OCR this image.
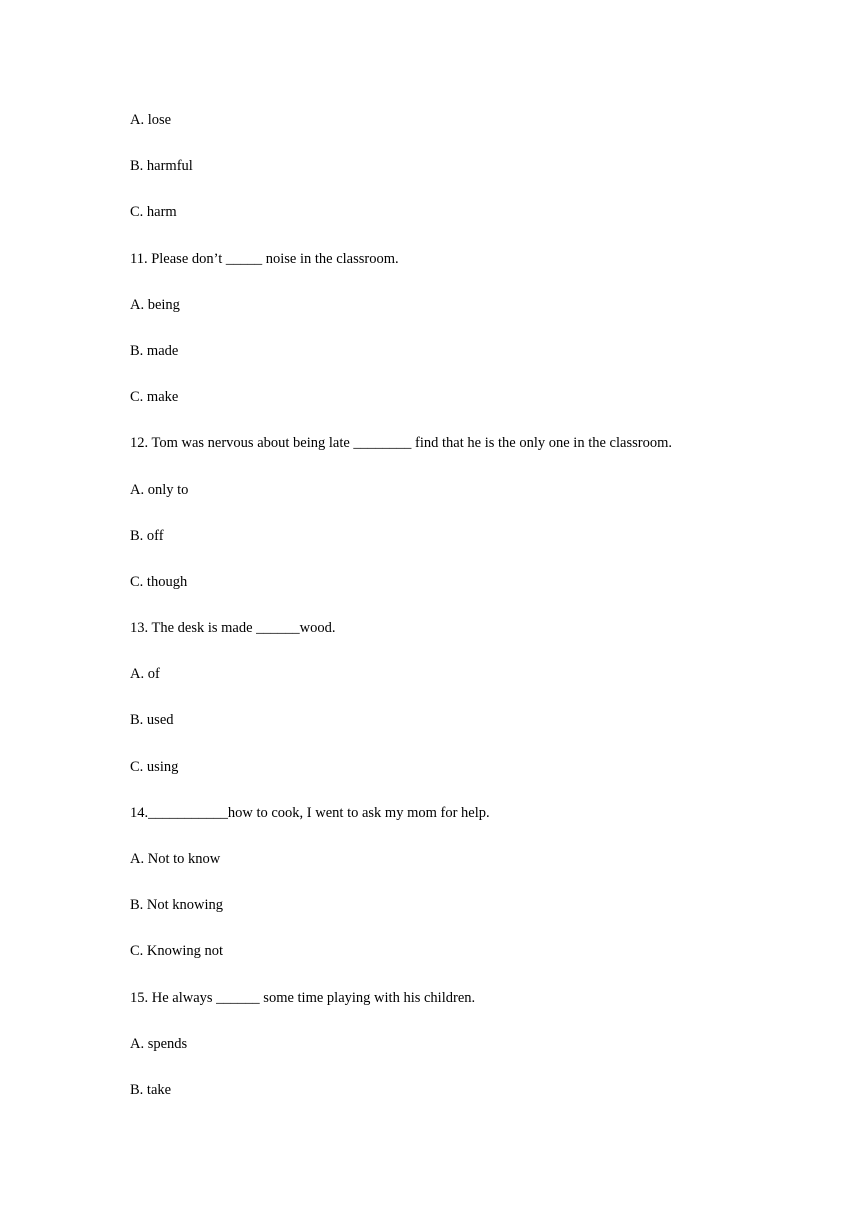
A. lose
B. harmful
C. harm
11. Please don’t _____ noise in the classroom.
A. being
B. made
C. make
12. Tom was nervous about being late ________ find that he is the only one in the classroom.
A. only to
B. off
C. though
13. The desk is made ______wood.
A. of
B. used
C. using
14.___________how to cook, I went to ask my mom for help.
A. Not to know
B. Not knowing
C. Knowing not
15. He always ______ some time playing with his children.
A. spends
B. take
